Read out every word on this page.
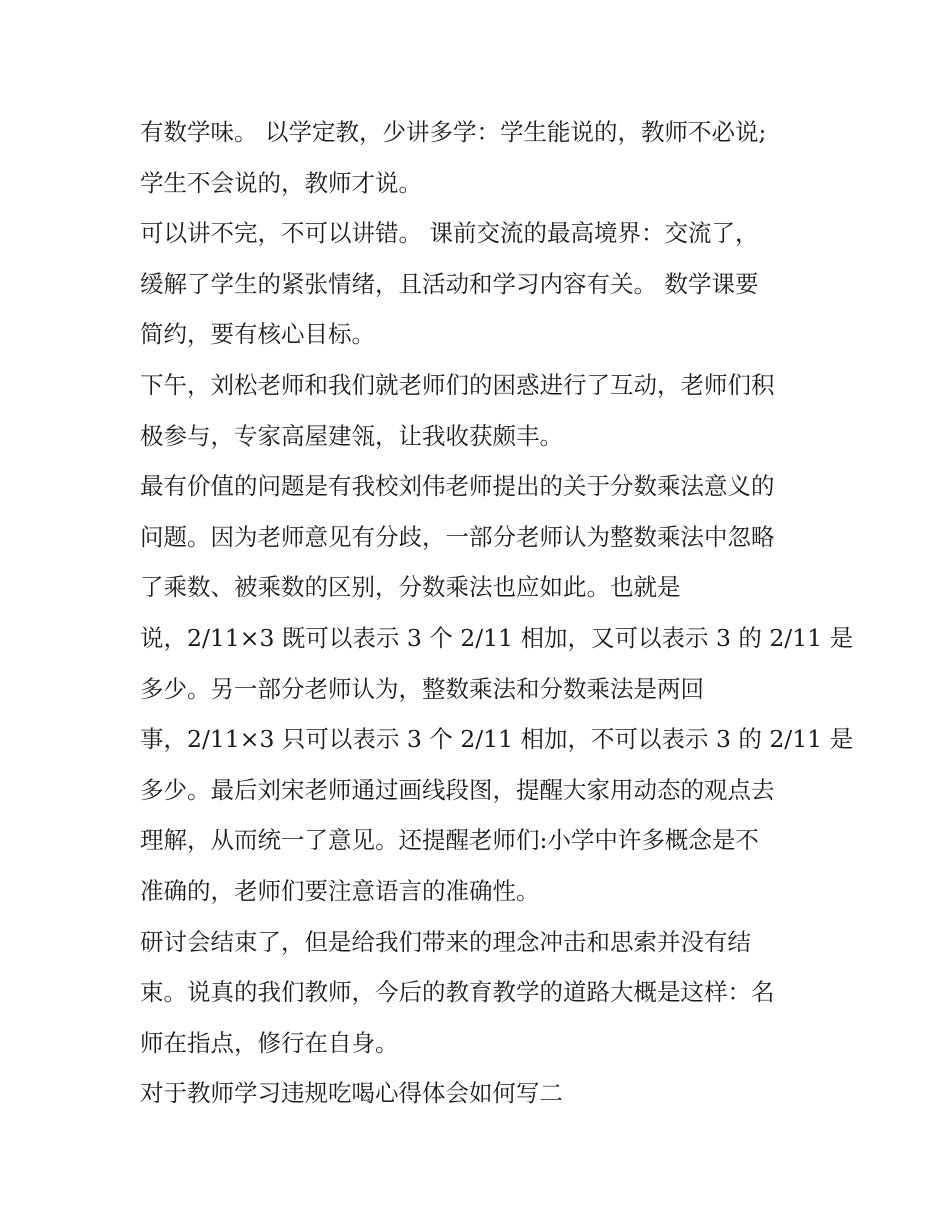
有数学味。 以学定教，少讲多学：学生能说的，教师不必说;
学生不会说的，教师才说。
可以讲不完，不可以讲错。 课前交流的最高境界：交流了，
缓解了学生的紧张情绪，且活动和学习内容有关。 数学课要
简约，要有核心目标。
下午，刘松老师和我们就老师们的困惑进行了互动，老师们积
极参与，专家高屋建瓴，让我收获颇丰。
最有价值的问题是有我校刘伟老师提出的关于分数乘法意义的
问题。因为老师意见有分歧，一部分老师认为整数乘法中忽略
了乘数、被乘数的区别，分数乘法也应如此。也就是
说，2/11×3 既可以表示 3 个 2/11 相加，又可以表示 3 的 2/11 是
多少。另一部分老师认为，整数乘法和分数乘法是两回
事，2/11×3 只可以表示 3 个 2/11 相加，不可以表示 3 的 2/11 是
多少。最后刘宋老师通过画线段图，提醒大家用动态的观点去
理解，从而统一了意见。还提醒老师们:小学中许多概念是不
准确的，老师们要注意语言的准确性。
研讨会结束了，但是给我们带来的理念冲击和思索并没有结
束。说真的我们教师，今后的教育教学的道路大概是这样：名
师在指点，修行在自身。
对于教师学习违规吃喝心得体会如何写二
